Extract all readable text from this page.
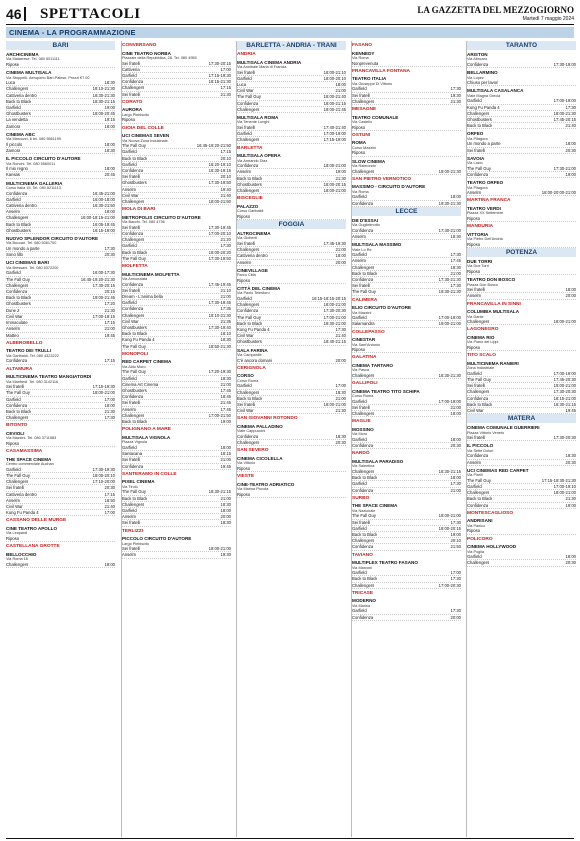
46	SPETTACOLI	LA GAZZETTA DEL MEZZOGIORNO
Martedì 7 maggio 2024
CINEMA - LA PROGRAMMAZIONE
BARI
ARCHICINEMA
Via Matarrese. Tel. 080 5011111
Ripose
CINEMA MULTISALA
Via Stoppelli. Aeroporto Bari-Palese. Prezzi €7.00
Luca	18:30
Challengers	18:10-21:30
Cattiveria dentro	18:30-21:30
Back to Black	18:30-21:15
Garfield	19:00
Ghostbusters	18:00-20:45
La vendetta	19:15
Zamora	18:00
CINEMA ABC
Via Marcuzzi, 6 tel. 080 5561199
Il piccolo	18:00
Zamora	18:30
IL PICCOLO CIRCUITO D'AUTORE
Via Ronchi. Tel. 080 5560011
Il mio regno	18:00
Kansas	20:45
MULTICINEMA GALLERIA
Corso Italia 15. Tel. 080 5211113
Confidenza	16:45-21:00
Garfield	16:00-18:00
Cattiveria dentro	16:30-21:50
Anselm	18:00
Challengers	16:00-18:15-21:00
Back to Black	16:05-19:45
Ghostbusters	16:15-19:00
NUOVO SPLENDOR CIRCUITO D'AUTORE
Via Buccari. Tel. 080 5061700
Un mondo a parte	17:30
Sono lillo	20:30
UCI CINEMAS BARI
Via Bressani. Tel. 080 5372200
Garfield	16:00-17:30
The Fall Guy	16:45-19:20-21:30
Challengers	17:30-20:15
Confidenza	20:15
Back to Black	19:00-21:45
Ghostbusters	17:20
Dune 2	21:30
Civil War	17:00-19:15
Immaculate	17:15
Anselm	21:00
Matteo	19:45
ALBEROBELLO
TEATRO DEI TRULLI
Via Garibaldi. Tel. 080 4323222
Confidenza	17:15
ALTAMURA
MULTICINEMA TEATRO MANGIATORDI
Via Manfredi. Tel. 080 3142116
Sei fratelli	17:15-19:30
The Fall Guy	18:00-21:00
Garfield	17:00
Confidenza	18:00
Back to Black	21:30
Challengers	17:30
BITONTO
CEVIOLI
Via Mazzini. Tel. 080 3711583
Riposo
CASAMASSIMA
THE SPACE CINEMA
Centro commerciale Auchan
Garfield	17:30-19:30
The Fall Guy	18:00-20:10
Challengers	17:10-20:00
Sei fratelli	20:30
Cattiveria dentro	17:15
Anselm	18:50
Civil War	21:40
Kung Fu Panda 4	17:00
CASSANO DELLE MURGE
CINE TEATRO APOLLO
Via Leopardi
Riposo
CASTELLANA GROTTE
BELLOCCHIO
Via Roma 16
Challengers	18:00
CONVERSANO
CINE TEATRO NORBA
Piazzale della Repubblica, 28. Tel. 080 4955
Sei fratelli	17:30-20:15
Cattiveria	17:00
Garfield	17:15-19:30
Confidenza	18:15-21:30
Challengers	17:15
Sei fratelli	21:30
CORATO
AURORA
Largo Plebiscito
Riposo
GIOIA DEL COLLE
UCI CINEMAS SEVEN
Via Nuova Zona Industriale
The Fall Guy	16:45-19:20-21:50
Garfield	17:15
Back to Black	20:10
Garfield	16:20-19:10
Confidenza	16:30-19:15
Sei fratelli	20:10
Ghostbusters	17:30-19:50
Anselm	19:40
Civil War	21:40
Challengers	18:00-21:50
MOLA DI BARI
METROPOLIS CIRCUITO D'AUTORE
Via Bacchi. Tel. 080 4736
Sei fratelli	17:30-19:45
Confidenza	17:00-20:10
Challengers	21:20
Garfield	17:30
Back to Black	18:00-20:20
The Fall Guy	17:30-19:50
MOLFETTA
MULTICINEMA MOLFETTA
Via Annunziata
Confidenza	17:45-19:45
Sei fratelli	21:10
Dream - L'anima bella	21:00
Garfield	17:30-19:45
Confidenza	17:35
Challengers	18:10-21:30
Civil War	21:35
Ghostbusters	17:30-19:40
Back to Black	18:10
Kung Fu Panda 4	18:30
The Fall Guy	18:50-21:30
MONOPOLI
RED CARPET CINEMA
Via Aldo Moro
The Fall Guy	17:20-19:30
Garfield	18:30
Cinema Art Cinema	21:00
Ghostbusters	17:45
Confidenza	18:45
Sei fratelli	21:45
Anselm	17:45
Challengers	17:00-21:50
Back to Black	19:00
POLIGNANO A MARE
MULTISALA VIGNOLA
Piazza Vignola
Garfield	18:00
Santacana	18:15
Sei fratelli	21:00
Confidenza	19:45
SANTERAMO IN COLLE
PIXEL CINEMA
Via Tirolo
The Fall Guy	18:30-21:15
Back to Black	21:00
Challengers	18:30
Garfield	18:00
Anselm	20:00
Sei fratelli	18:30
TERLIZZI
PICCOLO CIRCUITO D'AUTORE
Largo Plebiscito
Sei fratelli	18:00-21:00
Anselm	19:30
BARLETTA - ANDRIA - TRANI
ANDRIA
MULTISALA CINEMA ANDRIA
Via Annibale Maria di Francia
Sei fratelli	18:00-21:10
Garfield	18:00-20:10
Luca	18:00
Civil War	21:00
The Fall Guy	18:00-21:40
Confidenza	18:00-21:15
Challengers	18:00-21:45
MULTISALA ROMA
Via Tenente Lunghi
Sei fratelli	17:40-21:40
Garfield	17:00-19:00
Challengers	17:15-19:00
BARLETTA
MULTISALA OPERA
Via Armando Diaz
Confidenza	18:00-21:00
Anselm	19:00
Back to Black	21:30
Ghostbusters	18:00-20:15
Challengers	18:00-21:00
BISCEGLIE
PALAZZO
Corso Garibaldi
Riposo
FOGGIA
ALTROCINEMA
Via Gioberti
Sei fratelli	17:45-19:30
Challengers	21:00
Cattiveria dentro	18:00
Anselm	20:00
CINEVILLAGE
Parco Città
Riposo
CITTÀ DEL CINEMA
Via Paolo Telesforo
Garfield	16:15-18:15-20:15
Challengers	18:00-21:00
Confidenza	17:30-20:30
The Fall Guy	17:00-21:00
Back to Black	18:30-21:00
Kung Fu Panda 4	17:30
Civil War	21:40
Ghostbusters	18:40-21:15
SALA FARINA
Via Campanile
C'è ancora domani	20:00
CERIGNOLA
CORSO
Corso Roma
Garfield	17:00
Challengers	18:30
Back to Black	21:00
Sei fratelli	18:00-21:00
Civil War	21:30
SAN GIOVANNI ROTONDO
CINEMA PALLADINO
Viale Cappuccini
Confidenza	18:30
Challengers	20:30
SAN SEVERO
CINEMA CICOLELLA
Via Vittorio
Riposo
VIESTE
CINE-TEATRO ADRIATICO
Via Marina Piccola
Riposo
FASANO
KENNEDY
Via Roma
Nonprevenuta
FRANCAVILLA FONTANA
TEATRO ITALIA
Via Giuseppe Di Vittorio
Garfield	17:30
Sei fratelli	19:30
Challengers	21:30
MESAGNE
TEATRO COMUNALE
Via Castello
Riposo
OSTUNI
ROMA
Corso Mazzini
Riposo
SLOW CINEMA
Via Raimondo
Challengers	19:00-21:30
SAN PIETRO VERNOTICO
MASSIMO - CIRCUITO D'AUTORE
Via Roma
Garfield	18:00
Confidenza	19:30-21:30
LECCE
DB D'ESSAI
Via Guglielmotto
Confidenza	17:30-21:00
Anselm	18:30
MULTISALA MASSIMO
Viale Lo Re
Garfield	17:30
Anselm	17:45
Challengers	18:30
Back to Black	21:00
Confidenza	17:30-21:30
Sei fratelli	17:30
The Fall Guy	19:30-21:30
CALIMERA
ELIO CIRCUITO D'AUTORE
Via Mazzini
Garfield	17:00-19:00
Salamandra	19:00-21:00
COLLEPASSO
CINESTAR
Via Sant'Antonio
Riposo
GALATINA
CINEMA TARTARO
Via Pasca
Challengers	18:30-21:30
GALLIPOLI
CINEMA TEATRO TITO SCHIPA
Corso Roma
Garfield	17:00-19:00
Sei fratelli	21:00
Challengers	18:00
MAGLIE
MOSSINO
Via Moro
Garfield	18:00
Confidenza	20:30
NARDÒ
MULTISALA PARADISO
Via Salentina
Challengers	18:30-21:15
Back to Black	18:00
Garfield	17:30
Confidenza	21:00
SURBO
THE SPACE CINEMA
Via Nazionale
The Fall Guy	18:00-21:00
Sei fratelli	17:30
Garfield	18:00-20:15
Back to Black	19:00
Challengers	20:10
Confidenza	21:50
TAVIANO
MULTIPLEX TEATRO FASANO
Via Marconi
Garfield	17:00
Back to Black	17:30
Challengers	17:00-20:30
TRICASE
MODERNO
Via Marina
Garfield	17:30
Confidenza	20:00
TARANTO
ARISTON
Via Abruzzo
Confidenza	17:30-19:00
BELLARMINO
Via Lopez
Chiuso per lavori
MULTISALA CASALANCA
Viale Magna Grecia
Garfield	17:00-19:00
Kung Fu Panda 4	17:30
Challengers	18:00-21:30
Ghostbusters	17:45-20:15
Back to Black	21:40
ORFEO
Via Pitagora
Un mondo a parte	18:00
Sei fratelli	20:30
SAVOIA
Via Lazio
The Fall Guy	17:30-21:00
Confidenza	19:00
TEATRO ORFEO
Via Pitagora
Anselm	18:00-20:00-21:00
MARTINA FRANCA
TEATRO VERDI
Piazza XX Settembre
Riposo
MANDURIA
VITTORIA
Via Pietro Dell'Andria
Riposo
POTENZA
DUE TORRI
Via Due Torri
Riposo
TEATRO DON BOSCO
Piazza Don Bosco
Sei fratelli	18:00
Anselm	20:00
FRANCAVILLA IN SINNI
COLUMBIA MULTISALA
Via Dante
Challengers	18:00-21:00
LAGONEGRO
CINEMA RIO
Via Piano dei Lippi
Riposo
TITO SCALO
MULTICINEMA RANIERI
Zona Industriale
Garfield	17:00-19:00
The Fall Guy	17:45-20:30
Sei fratelli	18:00-21:00
Challengers	17:30-20:30
Confidenza	18:15-21:00
Back to Black	18:30-21:15
Civil War	19:45
MATERA
CINEMA COMUNALE GUERRIERI
Piazza Vittorio Veneto
Sei fratelli	17:30-20:30
IL PICCOLO
Via Sette Dolori
Confidenza	18:30
Anselm	20:30
UCI CINEMAS RED CARPET
Via Pirelli
The Fall Guy	17:15-19:30-21:30
Garfield	17:00-19:10
Challengers	18:00-21:00
Back to Black	21:30
Confidenza	19:00
MONTESCAGLIOSO
ANDRISANI
Via Panico
Riposo
POLICORO
CINEMA HOLLYWOOD
Via Puglia
Garfield	18:00
Challengers	20:30
